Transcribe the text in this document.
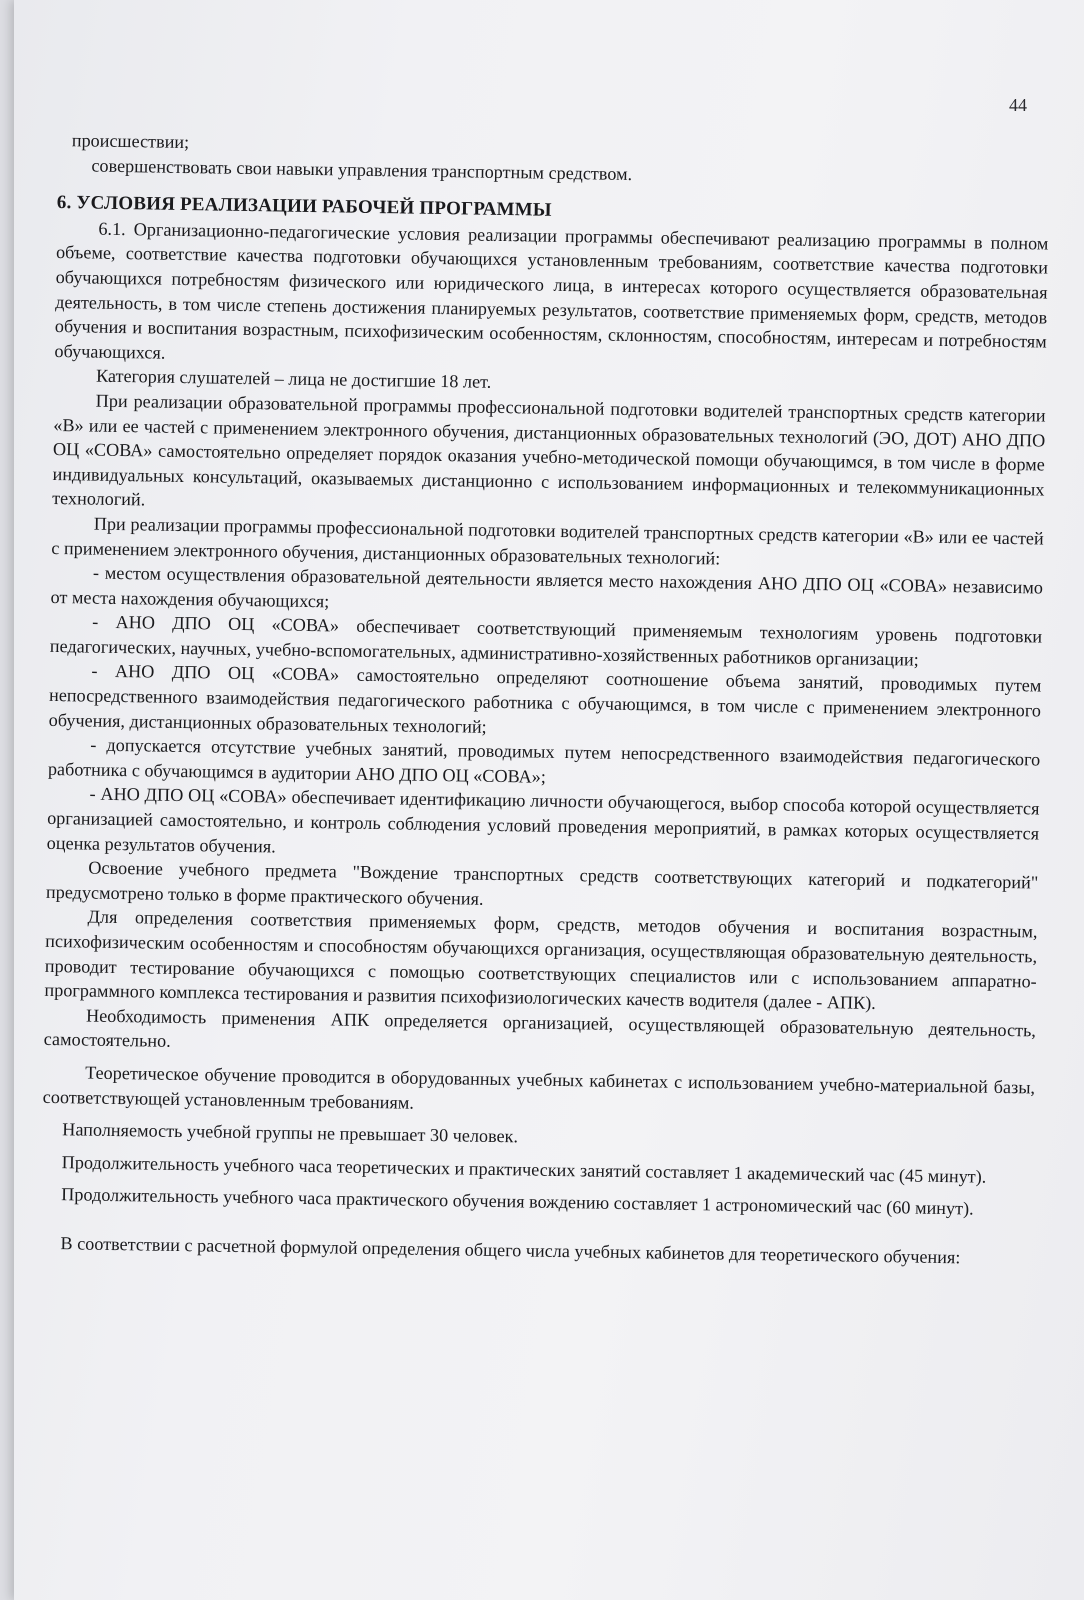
44

происшествии;

совершенствовать свои навыки управления транспортным средством.

6. УСЛОВИЯ РЕАЛИЗАЦИИ РАБОЧЕЙ ПРОГРАММЫ

6.1. Организационно-педагогические условия реализации программы обеспечивают реализацию программы в полном объеме, соответствие качества подготовки обучающихся установленным требованиям, соответствие качества подготовки обучающихся потребностям физического или юридического лица, в интересах которого осуществляется образовательная деятельность, в том числе степень достижения планируемых результатов, соответствие применяемых форм, средств, методов обучения и воспитания возрастным, психофизическим особенностям, склонностям, способностям, интересам и потребностям обучающихся.

Категория слушателей – лица не достигшие 18 лет.

При реализации образовательной программы профессиональной подготовки водителей транспортных средств категории «В» или ее частей с применением электронного обучения, дистанционных образовательных технологий (ЭО, ДОТ) АНО ДПО ОЦ «СОВА» самостоятельно определяет порядок оказания учебно-методической помощи обучающимся, в том числе в форме индивидуальных консультаций, оказываемых дистанционно с использованием информационных и телекоммуникационных технологий.

При реализации программы профессиональной подготовки водителей транспортных средств категории «В» или ее частей с применением электронного обучения, дистанционных образовательных технологий:

- местом осуществления образовательной деятельности является место нахождения АНО ДПО ОЦ «СОВА» независимо от места нахождения обучающихся;

- АНО ДПО ОЦ «СОВА» обеспечивает соответствующий применяемым технологиям уровень подготовки педагогических, научных, учебно-вспомогательных, административно-хозяйственных работников организации;

- АНО ДПО ОЦ «СОВА» самостоятельно определяют соотношение объема занятий, проводимых путем непосредственного взаимодействия педагогического работника с обучающимся, в том числе с применением электронного обучения, дистанционных образовательных технологий;

- допускается отсутствие учебных занятий, проводимых путем непосредственного взаимодействия педагогического работника с обучающимся в аудитории АНО ДПО ОЦ «СОВА»;

- АНО ДПО ОЦ «СОВА» обеспечивает идентификацию личности обучающегося, выбор способа которой осуществляется организацией самостоятельно, и контроль соблюдения условий проведения мероприятий, в рамках которых осуществляется оценка результатов обучения.

Освоение учебного предмета "Вождение транспортных средств соответствующих категорий и подкатегорий" предусмотрено только в форме практического обучения.

Для определения соответствия применяемых форм, средств, методов обучения и воспитания возрастным, психофизическим особенностям и способностям обучающихся организация, осуществляющая образовательную деятельность, проводит тестирование обучающихся с помощью соответствующих специалистов или с использованием аппаратно-программного комплекса тестирования и развития психофизиологических качеств водителя (далее - АПК).

Необходимость применения АПК определяется организацией, осуществляющей образовательную деятельность, самостоятельно.

Теоретическое обучение проводится в оборудованных учебных кабинетах с использованием учебно-материальной базы, соответствующей установленным требованиям.

Наполняемость учебной группы не превышает 30 человек.

Продолжительность учебного часа теоретических и практических занятий составляет 1 академический час (45 минут).

Продолжительность учебного часа практического обучения вождению составляет 1 астрономический час (60 минут).

В соответствии с расчетной формулой определения общего числа учебных кабинетов для теоретического обучения:
